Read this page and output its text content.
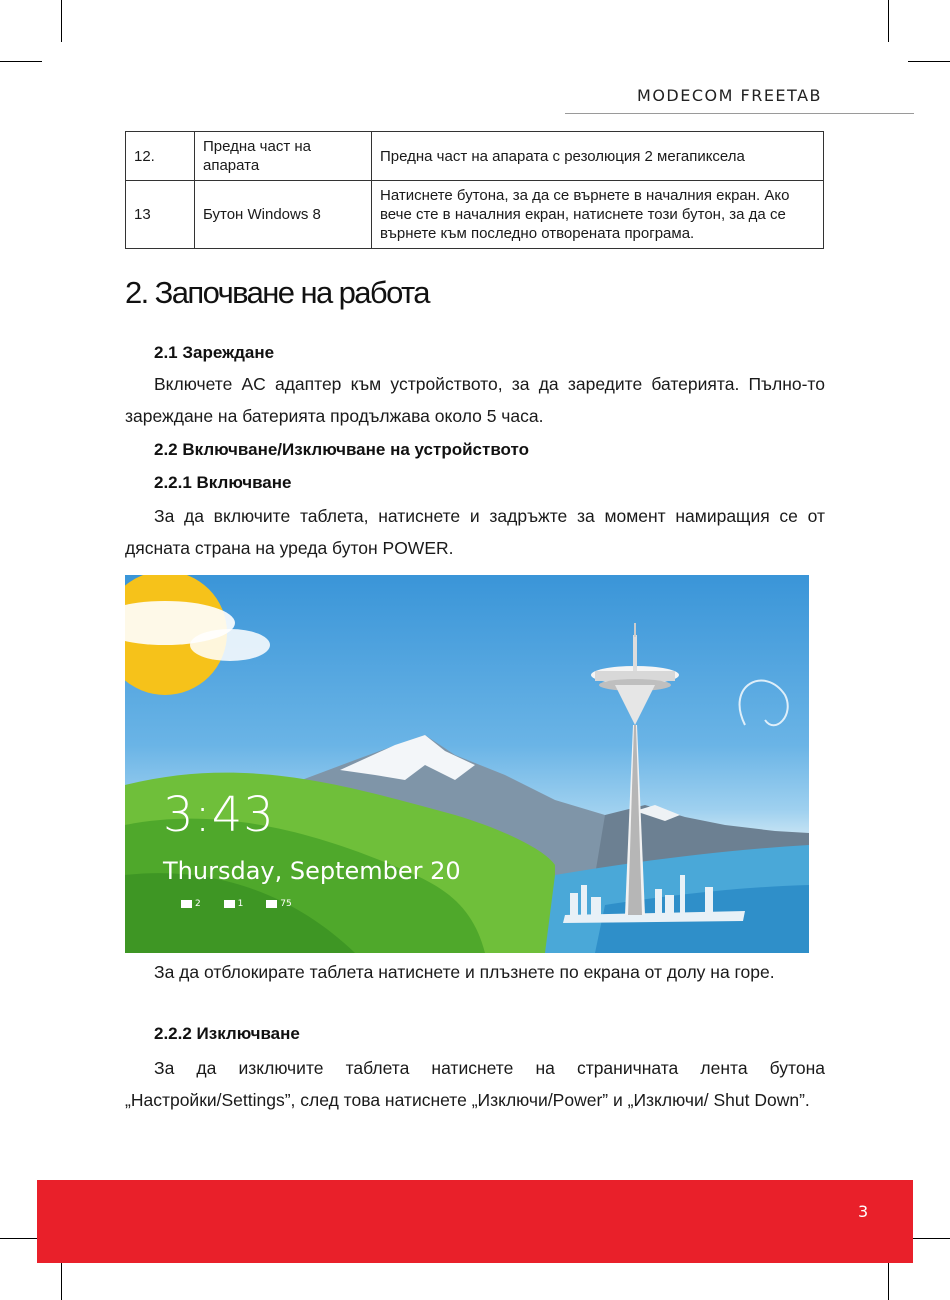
MODECOM FREETAB
12.	Предна част на апарата	Предна част на апарата с резолюция 2 мегапиксела
13	Бутон Windows 8	Натиснете бутона, за да се върнете в началния екран. Ако вече сте в началния екран, натиснете този бутон, за да се върнете към последно отворената програма.
2. Започване на работа
2.1 Зареждане
Включете AC адаптер към устройството, за да заредите батерията. Пълно-то зареждане на батерията продължава около 5 часа.
2.2 Включване/Изключване на устройството
2.2.1 Включване
За да включите таблета, натиснете и задръжте за момент намиращия се от дясната страна на уреда бутон POWER.
3:43
Thursday, September 20
2	1	75
За да отблокирате таблета натиснете и плъзнете по екрана от долу на горе.
2.2.2 Изключване
За да изключите таблета натиснете на страничната лента бутона „Настройки/Settings”, след това натиснете „Изключи/Power” и „Изключи/ Shut Down”.
3
